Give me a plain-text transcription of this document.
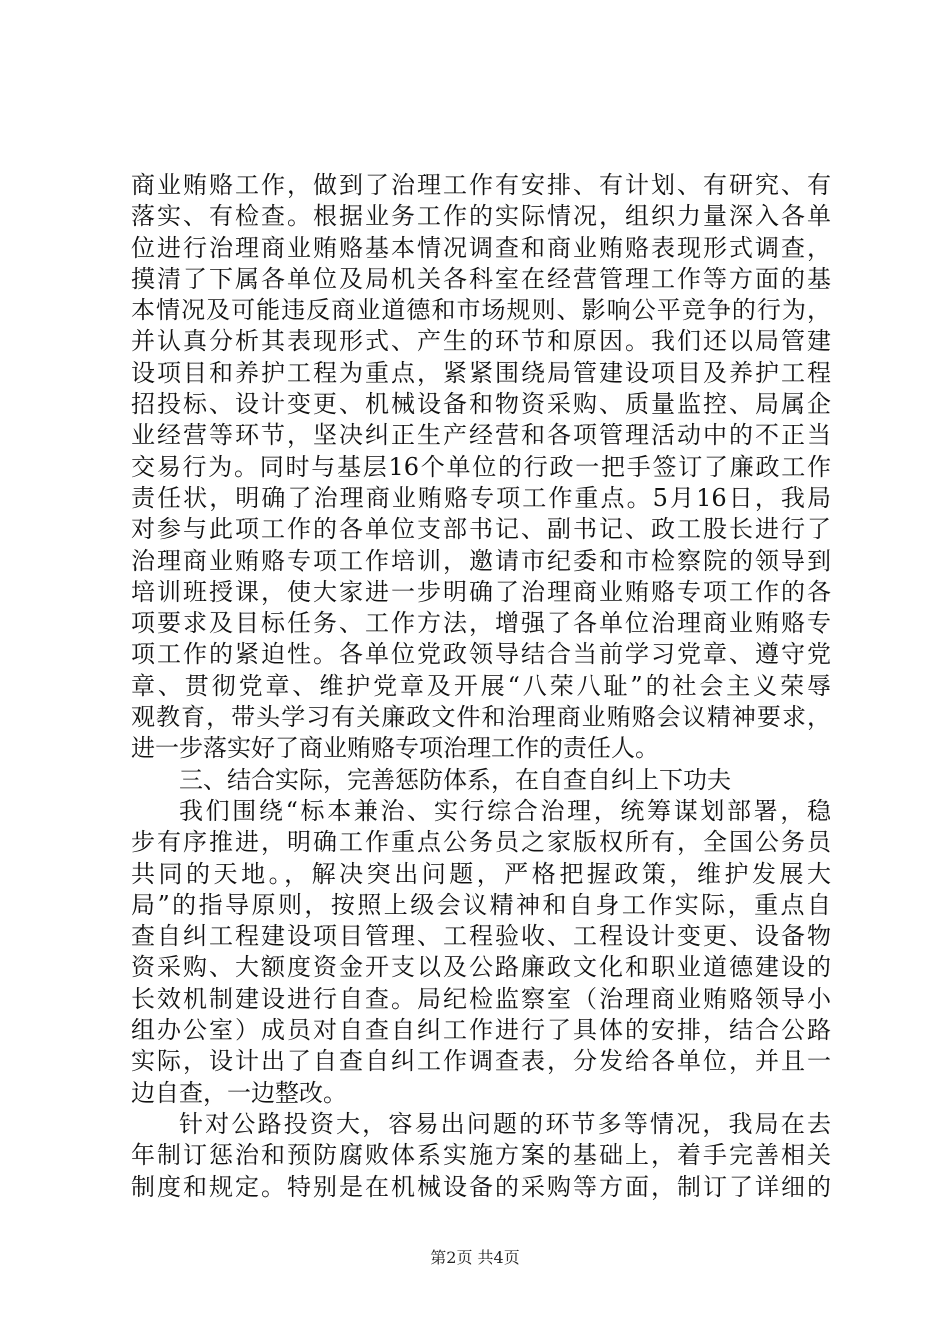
商业贿赂工作，做到了治理工作有安排、有计划、有研究、有
落实、有检查。根据业务工作的实际情况，组织力量深入各单
位进行治理商业贿赂基本情况调查和商业贿赂表现形式调查，
摸清了下属各单位及局机关各科室在经营管理工作等方面的基
本情况及可能违反商业道德和市场规则、影响公平竞争的行为，
并认真分析其表现形式、产生的环节和原因。我们还以局管建
设项目和养护工程为重点，紧紧围绕局管建设项目及养护工程
招投标、设计变更、机械设备和物资采购、质量监控、局属企
业经营等环节，坚决纠正生产经营和各项管理活动中的不正当
交易行为。同时与基层16个单位的行政一把手签订了廉政工作
责任状，明确了治理商业贿赂专项工作重点。5月16日，我局
对参与此项工作的各单位支部书记、副书记、政工股长进行了
治理商业贿赂专项工作培训，邀请市纪委和市检察院的领导到
培训班授课，使大家进一步明确了治理商业贿赂专项工作的各
项要求及目标任务、工作方法，增强了各单位治理商业贿赂专
项工作的紧迫性。各单位党政领导结合当前学习党章、遵守党
章、贯彻党章、维护党章及开展“八荣八耻”的社会主义荣辱
观教育，带头学习有关廉政文件和治理商业贿赂会议精神要求，
进一步落实好了商业贿赂专项治理工作的责任人。
三、结合实际，完善惩防体系，在自查自纠上下功夫
我们围绕“标本兼治、实行综合治理，统筹谋划部署，稳
步有序推进，明确工作重点公务员之家版权所有，全国公务员
共同的天地。，解决突出问题，严格把握政策，维护发展大
局”的指导原则，按照上级会议精神和自身工作实际，重点自
查自纠工程建设项目管理、工程验收、工程设计变更、设备物
资采购、大额度资金开支以及公路廉政文化和职业道德建设的
长效机制建设进行自查。局纪检监察室（治理商业贿赂领导小
组办公室）成员对自查自纠工作进行了具体的安排，结合公路
实际，设计出了自查自纠工作调查表，分发给各单位，并且一
边自查，一边整改。
针对公路投资大，容易出问题的环节多等情况，我局在去
年制订惩治和预防腐败体系实施方案的基础上，着手完善相关
制度和规定。特别是在机械设备的采购等方面，制订了详细的
第2页 共4页
